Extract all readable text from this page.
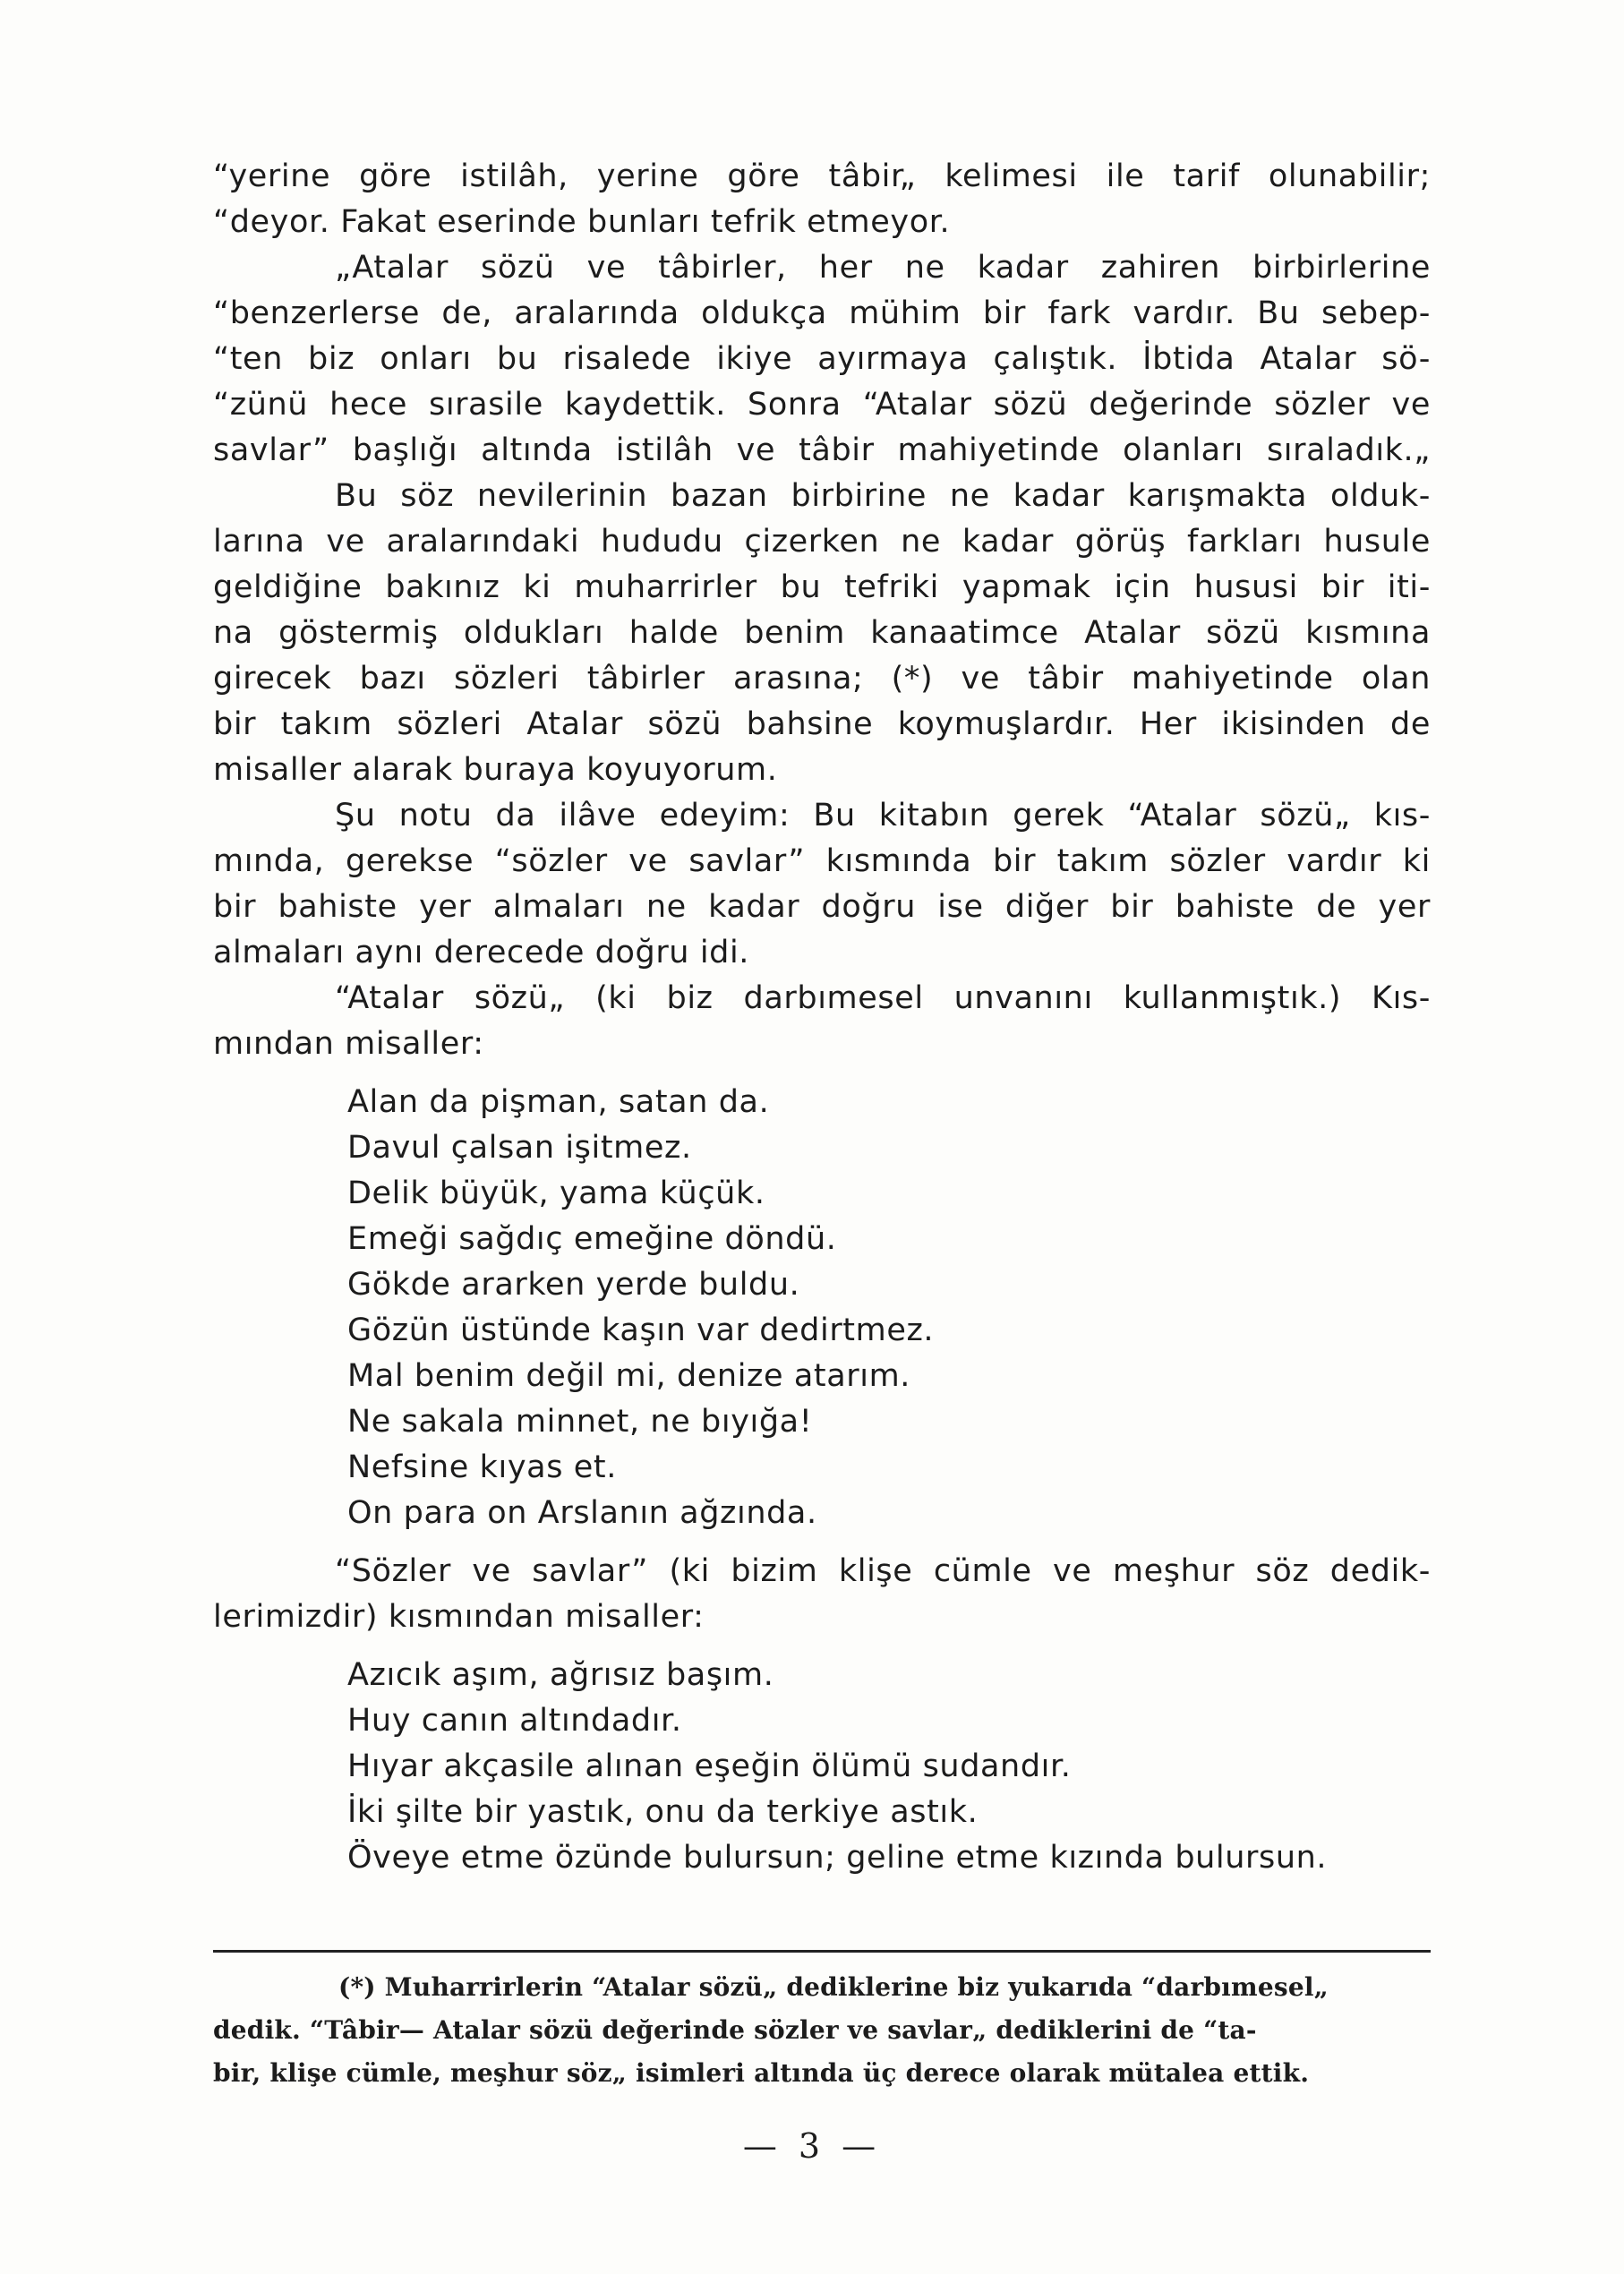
“yerine göre istilâh, yerine göre tâbir„ kelimesi ile tarif olunabilir;
“deyor. Fakat eserinde bunları tefrik etmeyor.
„Atalar sözü ve tâbirler, her ne kadar zahiren birbirlerine
“benzerlerse de, aralarında oldukça mühim bir fark vardır. Bu sebep-
“ten biz onları bu risalede ikiye ayırmaya çalıştık. İbtida Atalar sö-
“zünü hece sırasile kaydettik. Sonra “Atalar sözü değerinde sözler ve
savlar” başlığı altında istilâh ve tâbir mahiyetinde olanları sıraladık.„
Bu söz nevilerinin bazan birbirine ne kadar karışmakta olduk-
larına ve aralarındaki hududu çizerken ne kadar görüş farkları husule
geldiğine bakınız ki muharrirler bu tefriki yapmak için hususi bir iti-
na göstermiş oldukları halde benim kanaatimce Atalar sözü kısmına
girecek bazı sözleri tâbirler arasına; (*) ve tâbir mahiyetinde olan
bir takım sözleri Atalar sözü bahsine koymuşlardır. Her ikisinden de
misaller alarak buraya koyuyorum.
Şu notu da ilâve edeyim: Bu kitabın gerek “Atalar sözü„ kıs-
mında, gerekse “sözler ve savlar” kısmında bir takım sözler vardır ki
bir bahiste yer almaları ne kadar doğru ise diğer bir bahiste de yer
almaları aynı derecede doğru idi.
“Atalar sözü„ (ki biz darbımesel unvanını kullanmıştık.) Kıs-
mından misaller:
Alan da pişman, satan da.
Davul çalsan işitmez.
Delik büyük, yama küçük.
Emeği sağdıç emeğine döndü.
Gökde ararken yerde buldu.
Gözün üstünde kaşın var dedirtmez.
Mal benim değil mi, denize atarım.
Ne sakala minnet, ne bıyığa!
Nefsine kıyas et.
On para on Arslanın ağzında.
“Sözler ve savlar” (ki bizim klişe cümle ve meşhur söz dedik-
lerimizdir) kısmından misaller:
Azıcık aşım, ağrısız başım.
Huy canın altındadır.
Hıyar akçasile alınan eşeğin ölümü sudandır.
İki şilte bir yastık, onu da terkiye astık.
Öveye etme özünde bulursun; geline etme kızında bulursun.
(*) Muharrirlerin “Atalar sözü„ dediklerine biz yukarıda “darbımesel„
dedik. “Tâbir— Atalar sözü değerinde sözler ve savlar„ dediklerini de “ta-
bir, klişe cümle, meşhur söz„ isimleri altında üç derece olarak mütalea ettik.
— 3 —
